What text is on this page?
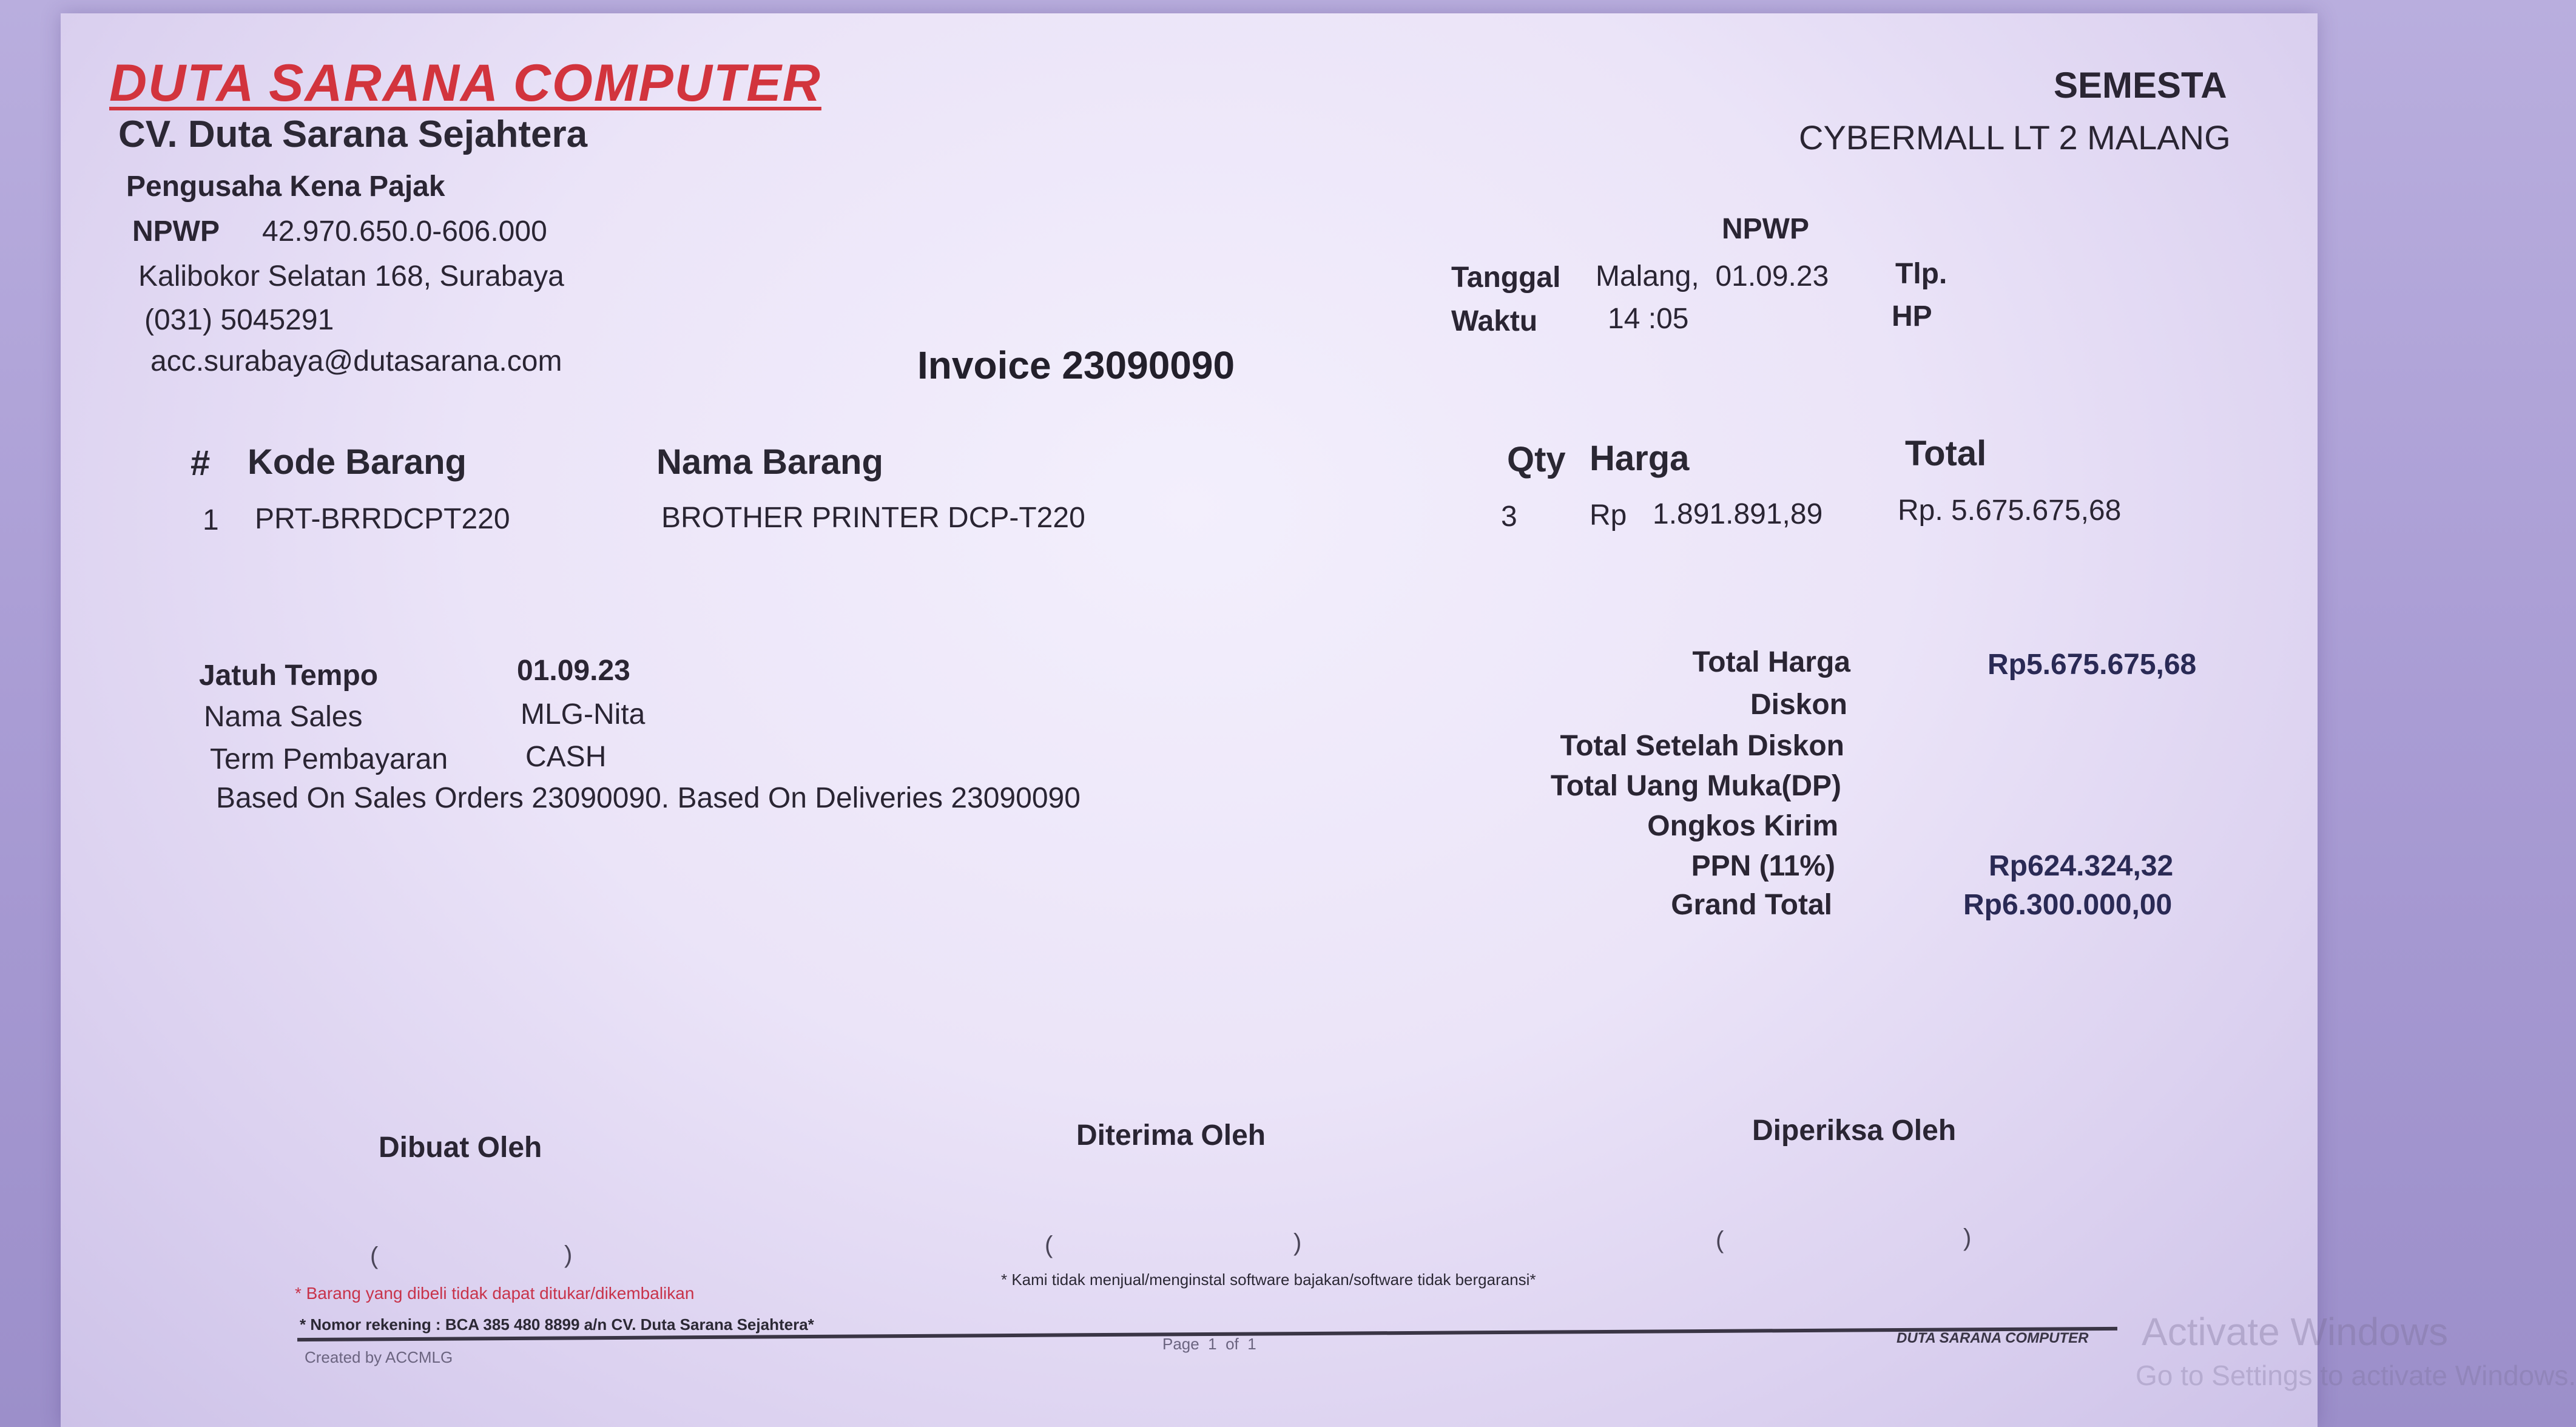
DUTA SARANA COMPUTER
CV. Duta Sarana Sejahtera
Pengusaha Kena Pajak
NPWP 42.970.650.0-606.000
Kalibokor Selatan 168, Surabaya
(031) 5045291
acc.surabaya@dutasarana.com
SEMESTA
CYBERMALL LT 2 MALANG
NPWP
Tanggal Malang,  01.09.23 Tlp.
Waktu 14 :05	HP
Invoice 23090090
# Kode Barang	Nama Barang	Qty Harga	Total
1 PRT-BRRDCPT220	BROTHER PRINTER DCP-T220	3 Rp 1.891.891,89	Rp. 5.675.675,68
Jatuh Tempo	01.09.23
Nama Sales	MLG-Nita
Term Pembayaran	CASH
Based On Sales Orders 23090090. Based On Deliveries 23090090
Total Harga	Rp5.675.675,68
Diskon
Total Setelah Diskon
Total Uang Muka(DP)
Ongkos Kirim
PPN (11%)	Rp624.324,32
Grand Total	Rp6.300.000,00
Dibuat Oleh	Diterima Oleh	Diperiksa Oleh
(	)	(	)	(	)
* Barang yang dibeli tidak dapat ditukar/dikembalikan
* Kami tidak menjual/menginstal software bajakan/software tidak bergaransi*
* Nomor rekening : BCA 385 480 8899 a/n CV. Duta Sarana Sejahtera*
Created by ACCMLG
Page  1  of  1	DUTA SARANA COMPUTER Activate Windows
Go to Settings to activate Windows.
